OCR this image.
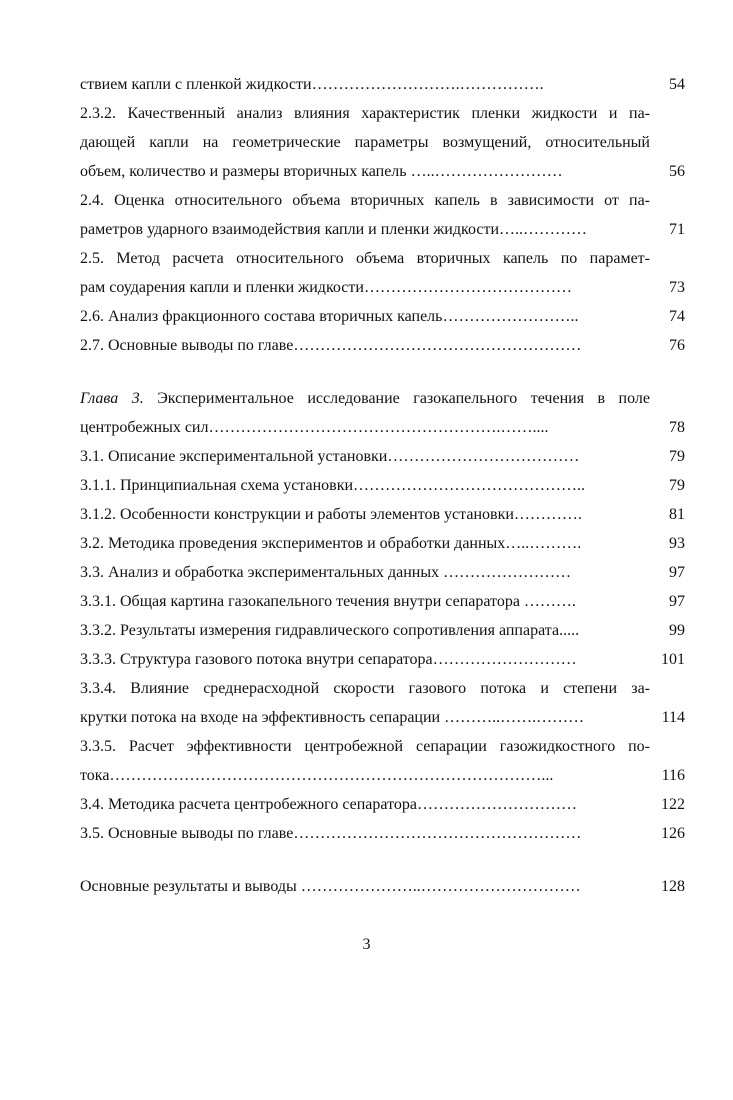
ствием капли с пленкой жидкости……………………….…………….	54
2.3.2. Качественный анализ влияния характеристик пленки жидкости и па-
дающей капли на геометрические параметры возмущений, относительный
объем, количество и размеры вторичных капель …..……………………	56
2.4. Оценка относительного объема вторичных капель в зависимости от па-
раметров ударного взаимодействия капли и пленки жидкости…..…………	71
2.5. Метод расчета относительного объема вторичных капель по парамет-
рам соударения капли и пленки жидкости…………………………………	73
2.6. Анализ фракционного состава вторичных капель……………………..	74
2.7. Основные выводы по главе………………………………………………	76
Глава 3. Экспериментальное исследование газокапельного течения в поле
центробежных сил……………………………………………….……....	78
3.1. Описание экспериментальной установки………………………………	79
3.1.1. Принципиальная схема установки……………………………………..	79
3.1.2. Особенности конструкции и работы элементов установки………….	81
3.2. Методика проведения экспериментов и обработки данных…..……….	93
3.3. Анализ и обработка экспериментальных данных ……………………	97
3.3.1. Общая картина газокапельного течения внутри сепаратора ……….	97
3.3.2. Результаты измерения гидравлического сопротивления аппарата.....	99
3.3.3. Структура газового потока внутри сепаратора………………………	101
3.3.4. Влияние среднерасходной скорости газового потока и степени за-
крутки потока на входе на эффективность сепарации ………..…….………	114
3.3.5. Расчет эффективности центробежной сепарации газожидкостного по-
тока………………………………………………………………………...	116
3.4. Методика расчета центробежного сепаратора…………………………	122
3.5. Основные выводы по главе………………………………………………	126
Основные результаты и выводы …………………..…………………………	128
3
